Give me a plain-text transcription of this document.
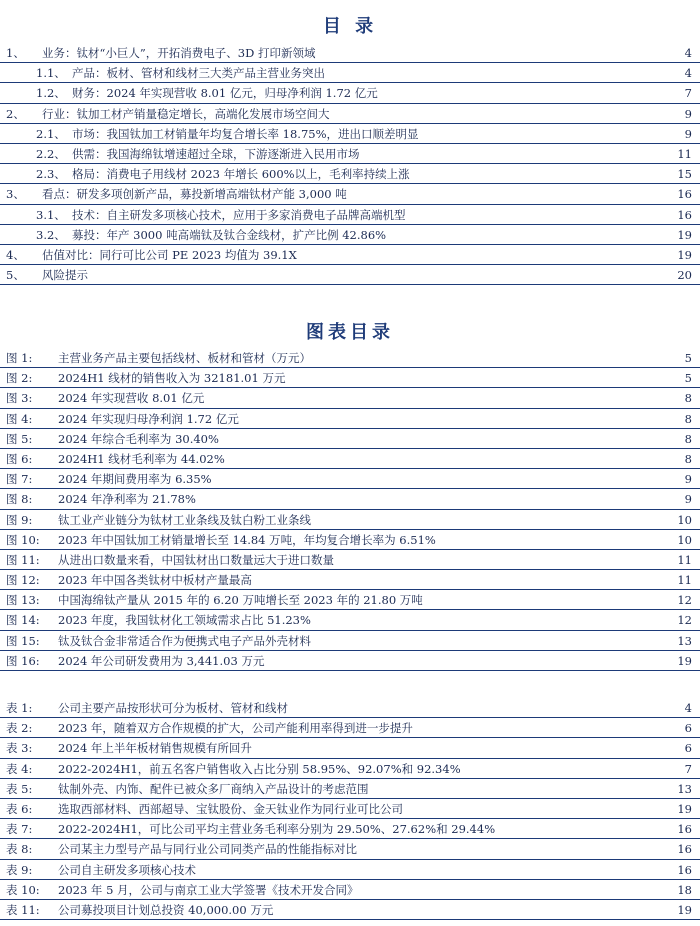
目 录
1、 业务：钛材“小巨人”，开拓消费电子、3D 打印新领域	4
1.1、 产品：板材、管材和线材三大类产品主营业务突出	4
1.2、 财务：2024 年实现营收 8.01 亿元，归母净利润 1.72 亿元	7
2、 行业：钛加工材产销量稳定增长，高端化发展市场空间大	9
2.1、 市场：我国钛加工材销量年均复合增长率 18.75%，进出口顺差明显	9
2.2、 供需：我国海绵钛增速超过全球，下游逐渐进入民用市场	11
2.3、 格局：消费电子用线材 2023 年增长 600%以上，毛利率持续上涨	15
3、 看点：研发多项创新产品，募投新增高端钛材产能 3,000 吨	16
3.1、 技术：自主研发多项核心技术，应用于多家消费电子品牌高端机型	16
3.2、 募投：年产 3000 吨高端钛及钛合金线材，扩产比例 42.86%	19
4、 估值对比：同行可比公司 PE 2023 均值为 39.1X	19
5、 风险提示	20
图表目录
图 1: 主营业务产品主要包括线材、板材和管材（万元）	5
图 2: 2024H1 线材的销售收入为 32181.01 万元	5
图 3: 2024 年实现营收 8.01 亿元	8
图 4: 2024 年实现归母净利润 1.72 亿元	8
图 5: 2024 年综合毛利率为 30.40%	8
图 6: 2024H1 线材毛利率为 44.02%	8
图 7: 2024 年期间费用率为 6.35%	9
图 8: 2024 年净利率为 21.78%	9
图 9: 钛工业产业链分为钛材工业条线及钛白粉工业条线	10
图 10: 2023 年中国钛加工材销量增长至 14.84 万吨，年均复合增长率为 6.51%	10
图 11: 从进出口数量来看，中国钛材出口数量远大于进口数量	11
图 12: 2023 年中国各类钛材中板材产量最高	11
图 13: 中国海绵钛产量从 2015 年的 6.20 万吨增长至 2023 年的 21.80 万吨	12
图 14: 2023 年度，我国钛材化工领域需求占比 51.23%	12
图 15: 钛及钛合金非常适合作为便携式电子产品外壳材料	13
图 16: 2024 年公司研发费用为 3,441.03 万元	19
表 1: 公司主要产品按形状可分为板材、管材和线材	4
表 2: 2023 年，随着双方合作规模的扩大，公司产能利用率得到进一步提升	6
表 3: 2024 年上半年板材销售规模有所回升	6
表 4: 2022-2024H1，前五名客户销售收入占比分别 58.95%、92.07%和 92.34%	7
表 5: 钛制外壳、内饰、配件已被众多厂商纳入产品设计的考虑范围	13
表 6: 选取西部材料、西部超导、宝钛股份、金天钛业作为同行业可比公司	19
表 7: 2022-2024H1，可比公司平均主营业务毛利率分别为 29.50%、27.62%和 29.44%	16
表 8: 公司某主力型号产品与同行业公司同类产品的性能指标对比	16
表 9: 公司自主研发多项核心技术	16
表 10: 2023 年 5 月，公司与南京工业大学签署《技术开发合同》	18
表 11: 公司募投项目计划总投资 40,000.00 万元	19
